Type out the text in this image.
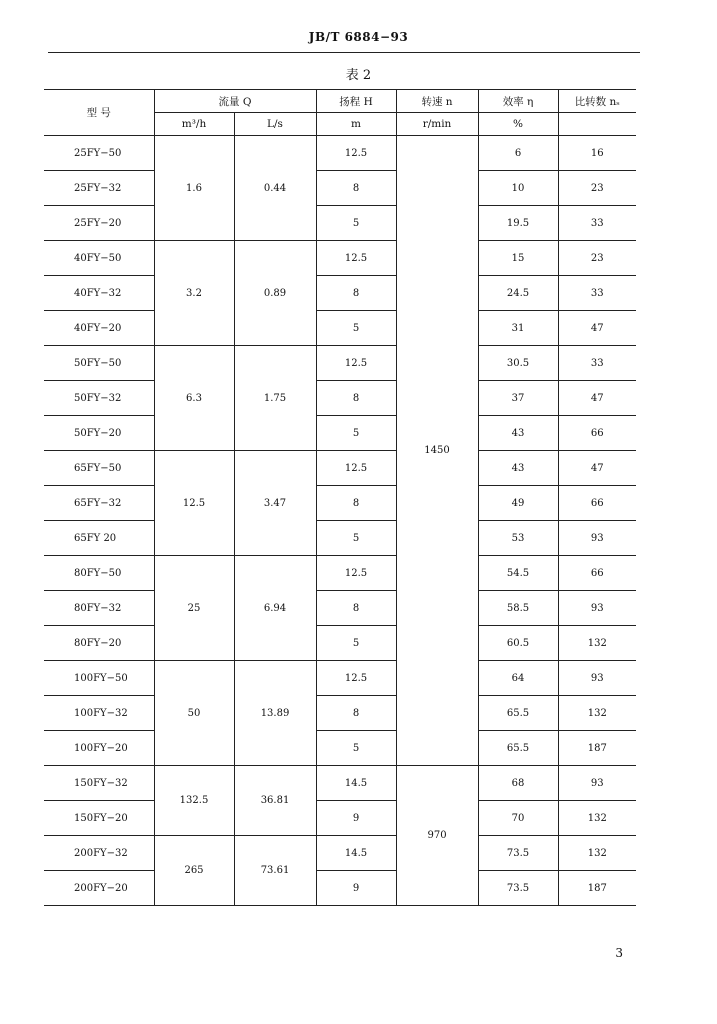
JB/T 6884−93
表 2
型 号	流量 Q		扬程 H	转速 n	效率 η	比转数 nₛ
	m³/h	L/s	m	r/min	%	
25FY−50	1.6	0.44	12.5	1450	6	16
25FY−32			8		10	23
25FY−20			5		19.5	33
40FY−50	3.2	0.89	12.5		15	23
40FY−32			8		24.5	33
40FY−20			5		31	47
50FY−50	6.3	1.75	12.5		30.5	33
50FY−32			8		37	47
50FY−20			5		43	66
65FY−50	12.5	3.47	12.5		43	47
65FY−32			8		49	66
65FY 20			5		53	93
80FY−50	25	6.94	12.5		54.5	66
80FY−32			8		58.5	93
80FY−20			5		60.5	132
100FY−50	50	13.89	12.5		64	93
100FY−32			8		65.5	132
100FY−20			5		65.5	187
150FY−32	132.5	36.81	14.5	970	68	93
150FY−20			9		70	132
200FY−32	265	73.61	14.5		73.5	132
200FY−20			9		73.5	187
3
